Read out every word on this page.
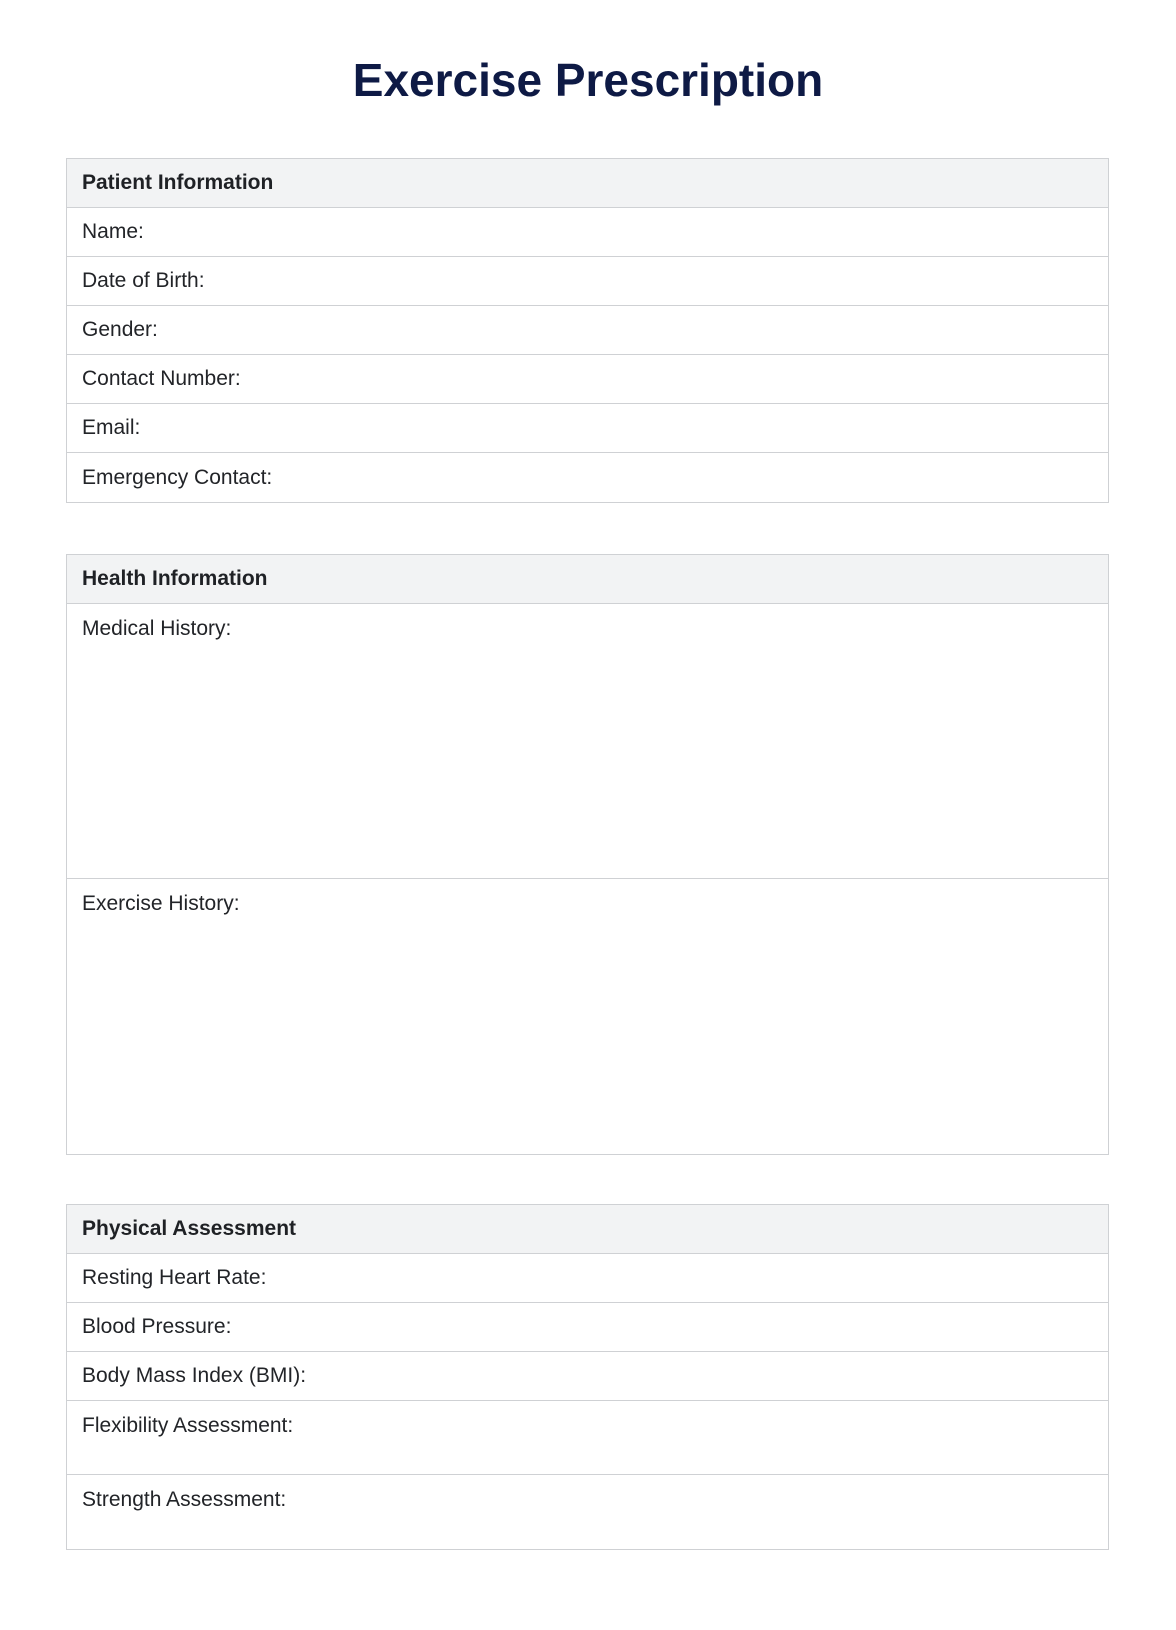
Exercise Prescription
Patient Information
Name:
Date of Birth:
Gender:
Contact Number:
Email:
Emergency Contact:
Health Information
Medical History:
Exercise History:
Physical Assessment
Resting Heart Rate:
Blood Pressure:
Body Mass Index (BMI):
Flexibility Assessment:
Strength Assessment:
